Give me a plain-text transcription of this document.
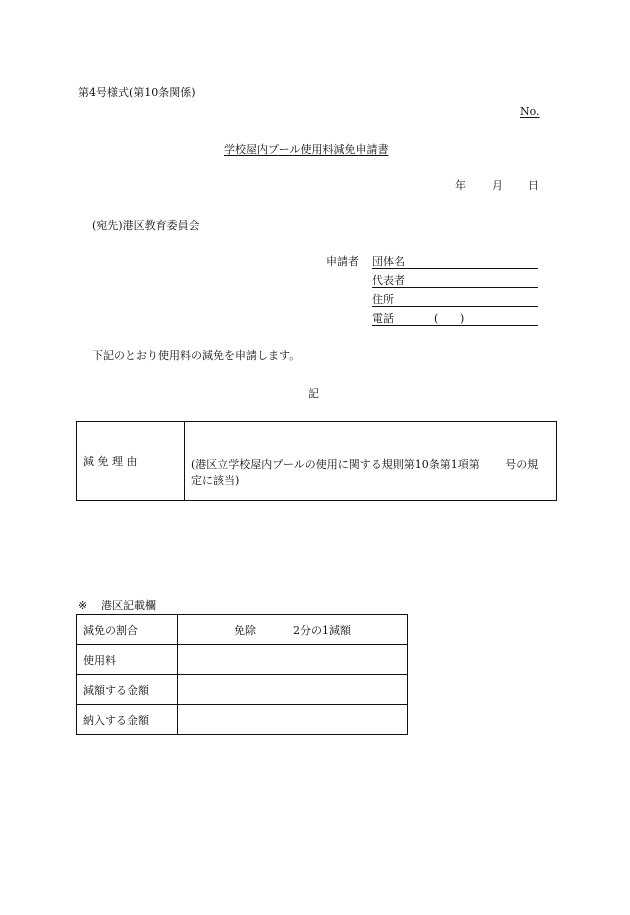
第4号様式(第10条関係)
No.
学校屋内プール使用料減免申請書
年 月 日
(宛先)港区教育委員会
申請者 団体名
代表者
住所
電話	( )
下記のとおり使用料の減免を申請します。
記
減 免 理 由	(港区立学校屋内プールの使用に関する規則第10条第1項第　　 号の規
定に該当)
※ 港区記載欄
減免の割合	免除 2分の1減額

使用料	
減額する金額	
納入する金額	
